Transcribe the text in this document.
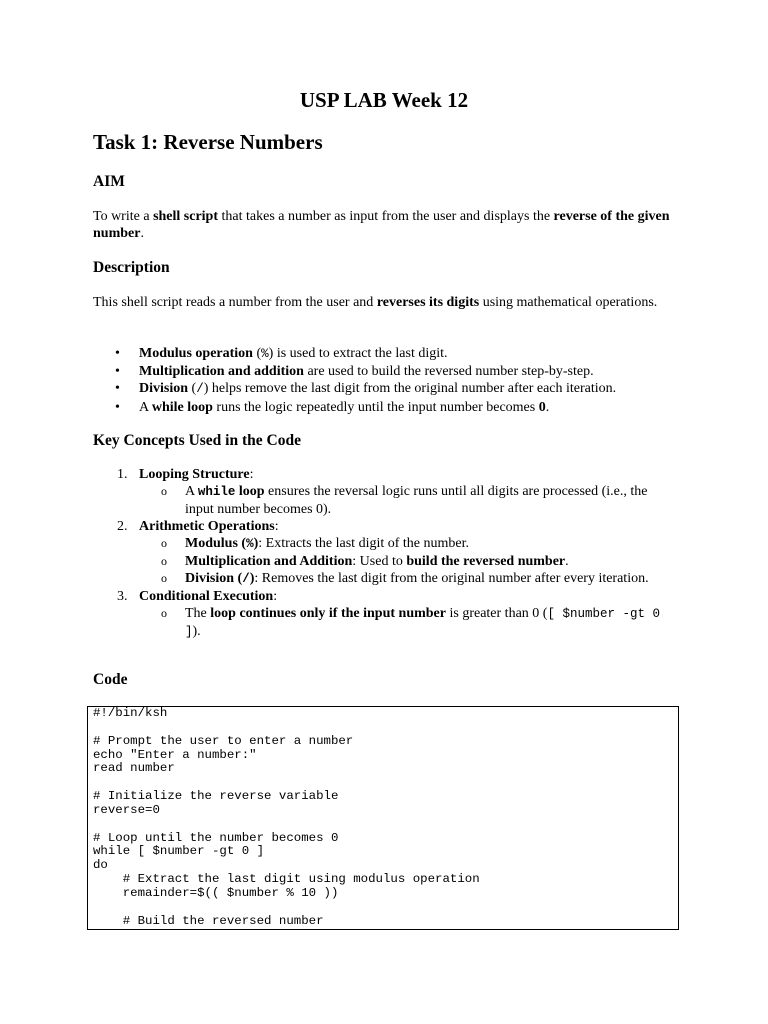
USP LAB Week 12
Task 1: Reverse Numbers
AIM
To write a shell script that takes a number as input from the user and displays the reverse of the given number.
Description
This shell script reads a number from the user and reverses its digits using mathematical operations.
• Modulus operation (%) is used to extract the last digit.
• Multiplication and addition are used to build the reversed number step-by-step.
• Division (/) helps remove the last digit from the original number after each iteration.
• A while loop runs the logic repeatedly until the input number becomes 0.
Key Concepts Used in the Code
1. Looping Structure:
o A while loop ensures the reversal logic runs until all digits are processed (i.e., the input number becomes 0).
2. Arithmetic Operations:
o Modulus (%): Extracts the last digit of the number.
o Multiplication and Addition: Used to build the reversed number.
o Division (/): Removes the last digit from the original number after every iteration.
3. Conditional Execution:
o The loop continues only if the input number is greater than 0 ([ $number -gt 0 ]).
Code
#!/bin/ksh

# Prompt the user to enter a number
echo "Enter a number:"
read number

# Initialize the reverse variable
reverse=0

# Loop until the number becomes 0
while [ $number -gt 0 ]
do
# Extract the last digit using modulus operation
remainder=$(( $number % 10 ))

# Build the reversed number
